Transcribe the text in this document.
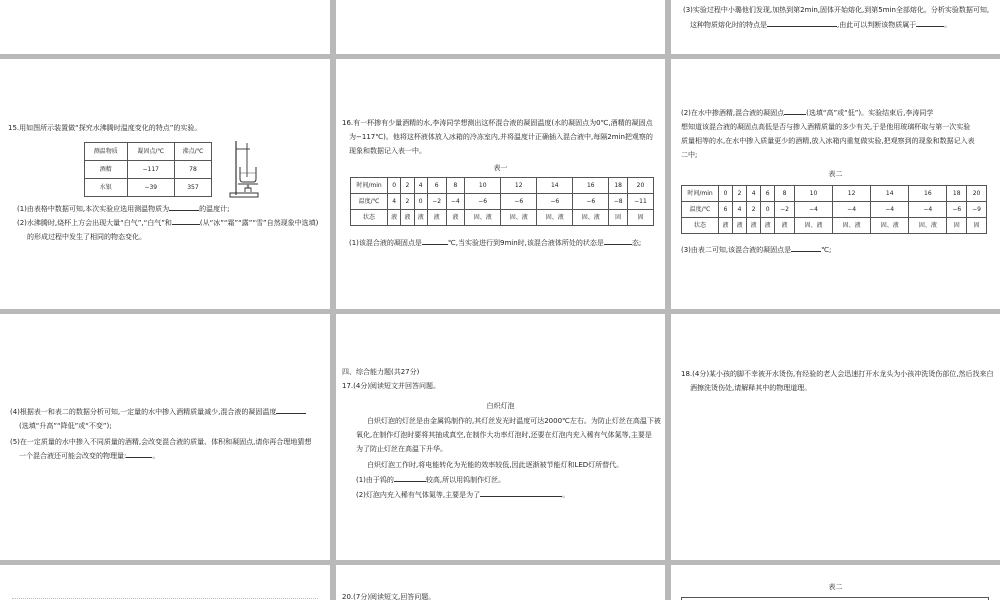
(3)实验过程中小璐他们发现,加热到第2min,固体开始熔化,到第5min全部熔化。分析实验数据可知,
这种物质熔化时的特点是	,由此可以判断该物质属于	。
15.用如图所示装置做“探究水沸腾时温度变化的特点”的实验。
测温物质	凝固点/℃	沸点/℃
酒精	−117	78
水银	−39	357
(1)由表格中数据可知,本次实验应选用测温物质为	的温度计;
(2)水沸腾时,烧杯上方会出现大量“白气”,“白气”和	(从“冰”“霜”“露”“雪”自然现象中选填)
的形成过程中发生了相同的物态变化。
16.有一杯掺有少量酒精的水,李涛同学想测出这杯混合液的凝固温度(水的凝固点为0℃,酒精的凝固点
为−117℃)。他将这杯液体放入冰箱的冷冻室内,并将温度计正确插入混合液中,每隔2min把观察的
现象和数据记入表一中。
表一
时间/min	0	2	4	6	8	10	12	14	16	18	20
温度/℃	4	2	0	−2	−4	−6	−6	−6	−6	−8	−11
状态	液	液	液	液	液	固、液	固、液	固、液	固、液	固	固
(1)该混合液的凝固点是	℃,当实验进行到9min时,该混合液体所处的状态是	态;
(2)在水中掺酒精,混合液的凝固点	(选填“高”或“低”)。实验结束后,李涛同学
想知道该混合液的凝固点高低是否与掺入酒精质量的多少有关,于是他用玻璃杯取与第一次实验
质量相等的水,在水中掺入质量更少的酒精,放入冰箱内重复做实验,把观察到的现象和数据记入表
二中;
表二
时间/min	0	2	4	6	8	10	12	14	16	18	20
温度/℃	6	4	2	0	−2	−4	−4	−4	−4	−6	−9
状态	液	液	液	液	液	固、液	固、液	固、液	固、液	固	固
(3)由表二可知,该混合液的凝固点是	℃;
(4)根据表一和表二的数据分析可知,一定量的水中掺入酒精质量减少,混合液的凝固温度
(选填“升高”“降低”或“不变”);
(5)在一定质量的水中掺入不同质量的酒精,会改变混合液的质量、体积和凝固点,请你再合理地猜想
一个混合液还可能会改变的物理量:	。
四、综合能力题(共27分)
17.(4分)阅读短文并回答问题。
白炽灯泡
白炽灯泡的灯丝是由金属钨制作的,其灯丝发光时温度可达2000℃左右。为防止灯丝在高温下被
氧化,在制作灯泡时要将其抽成真空,在制作大功率灯泡时,还要在灯泡内充入稀有气体氮等,主要是
为了防止灯丝在高温下升华。
白炽灯泡工作时,将电能转化为光能的效率较低,因此逐渐被节能灯和LED灯所替代。
(1)由于钨的	较高,所以用钨制作灯丝。
(2)灯泡内充入稀有气体氮等,主要是为了	。
18.(4分)某小孩的脚不幸被开水烫伤,有经验的老人会迅速打开水龙头为小孩冲洗烫伤部位,然后找来白
酒擦洗烫伤处,请解释其中的物理道理。
20.(7分)阅读短文,回答问题。
表二
